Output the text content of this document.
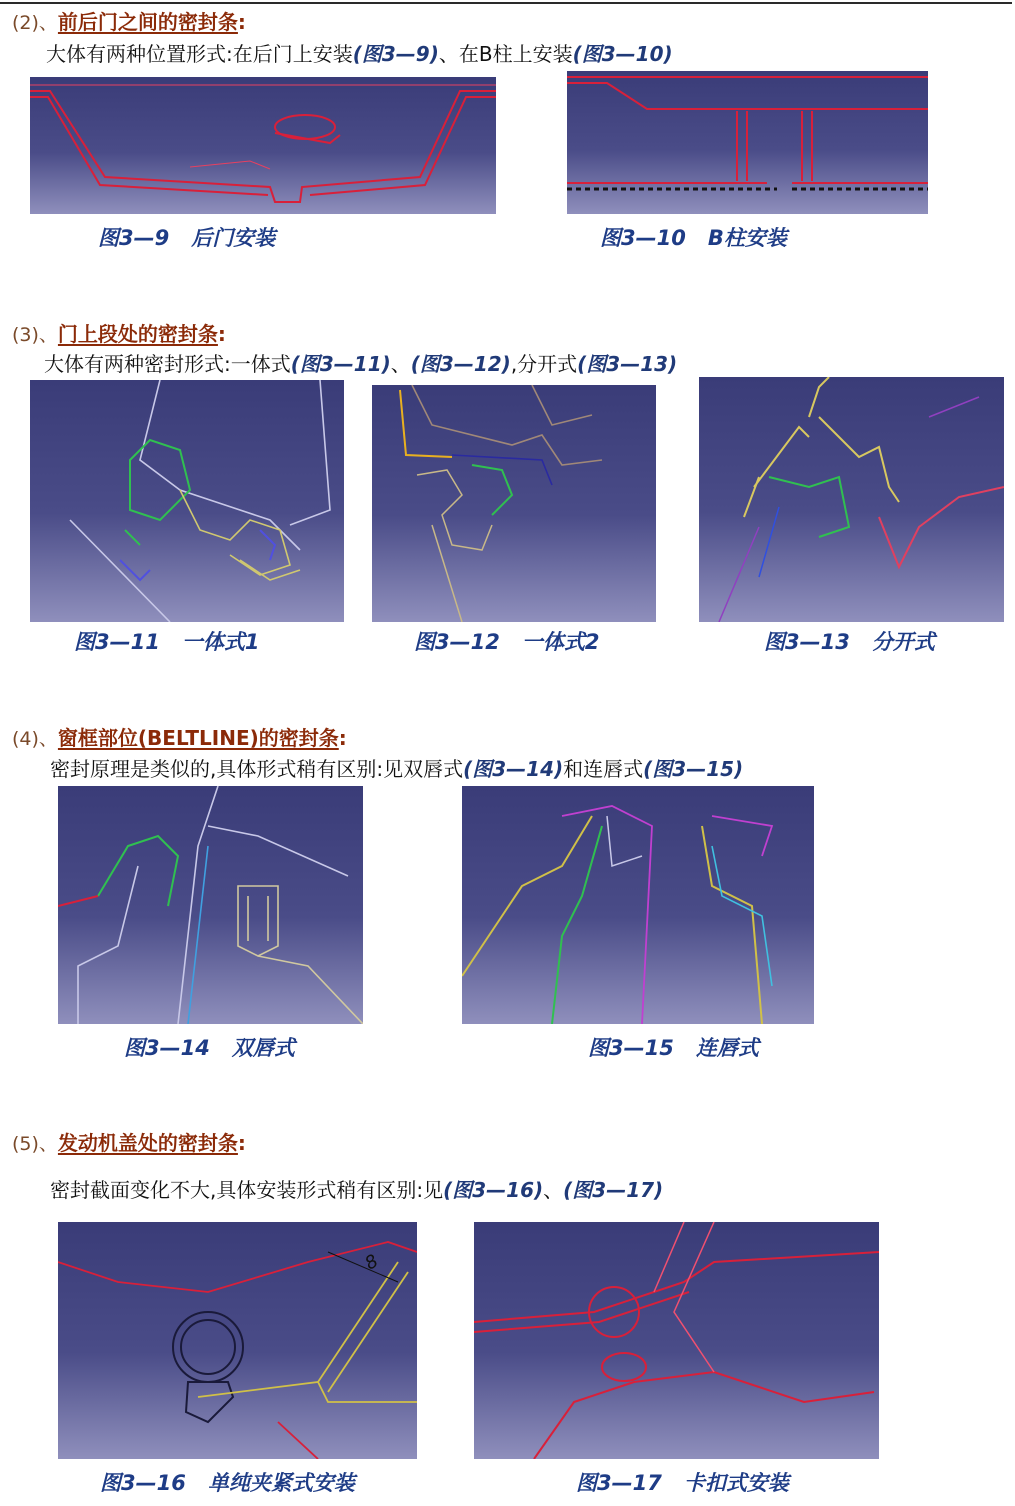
(2)、前后门之间的密封条:
大体有两种位置形式:在后门上安装(图3—9)、在B柱上安装(图3—10)
图3—9 后门安装	图3—10 B柱安装
(3)、门上段处的密封条:
大体有两种密封形式:一体式(图3—11)、(图3—12),分开式(图3—13)
图3—11 一体式1	图3—12 一体式2	图3—13 分开式
(4)、窗框部位(BELTLINE)的密封条:
密封原理是类似的,具体形式稍有区别:见双唇式(图3—14)和连唇式(图3—15)
图3—14 双唇式	图3—15 连唇式
(5)、发动机盖处的密封条:
密封截面变化不大,具体安装形式稍有区别:见(图3—16)、(图3—17)
8
图3—16 单纯夹紧式安装	图3—17 卡扣式安装
